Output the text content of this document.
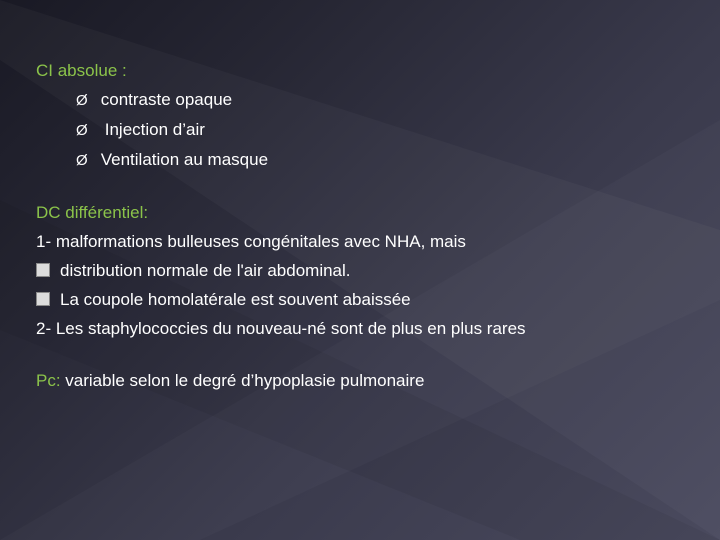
CI absolue :
Ø contraste opaque
Ø Injection d’air
Ø Ventilation au masque
DC différentiel:
1- malformations bulleuses congénitales avec NHA, mais
distribution normale de l'air abdominal.
La coupole homolatérale est souvent abaissée
2- Les staphylococcies du nouveau-né sont de plus en plus rares
Pc: variable selon le degré d’hypoplasie pulmonaire
